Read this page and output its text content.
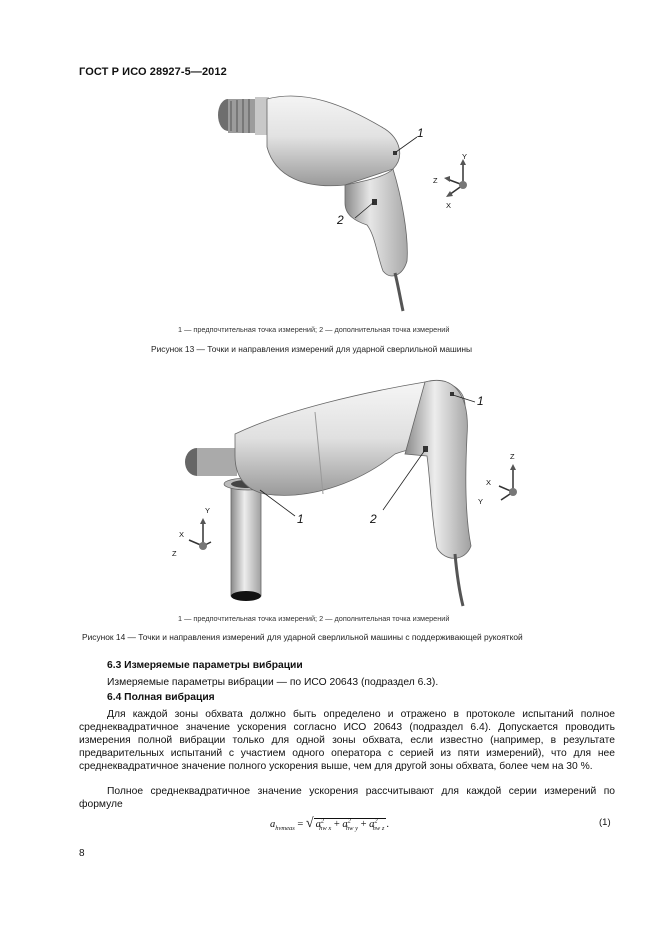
ГОСТ Р ИСО 28927-5—2012
1
2
Y
Z
X
1 — предпочтительная точка измерений; 2 — дополнительная точка измерений
Рисунок 13 — Точки и направления измерений для ударной сверлильной машины
1
1	2
Z
X
Y
Y
X
Z
1 — предпочтительная точка измерений; 2 — дополнительная точка измерений
Рисунок 14 — Точки и направления измерений для ударной сверлильной машины с поддерживающей рукояткой
6.3 Измеряемые параметры вибрации
Измеряемые параметры вибрации — по ИСО 20643 (подраздел 6.3).
6.4 Полная вибрация
Для каждой зоны обхвата должно быть определено и отражено в протоколе испытаний полное среднеквадратичное значение ускорения согласно ИСО 20643 (подраздел 6.4). Допускается проводить измерения полной вибрации только для одной зоны обхвата, если известно (например, в результате предварительных испытаний с участием одного оператора с серией из пяти измерений), что для нее среднеквадратичное значение полного ускорения выше, чем для другой зоны обхвата, более чем на 30 %.
Полное среднеквадратичное значение ускорения рассчитывают для каждой серии измерений по формуле
$a_{hvmeas}$ = √ $a^2_{hw x} + a^2_{hw y} + a^2_{hw z}$ .	(1)
8
